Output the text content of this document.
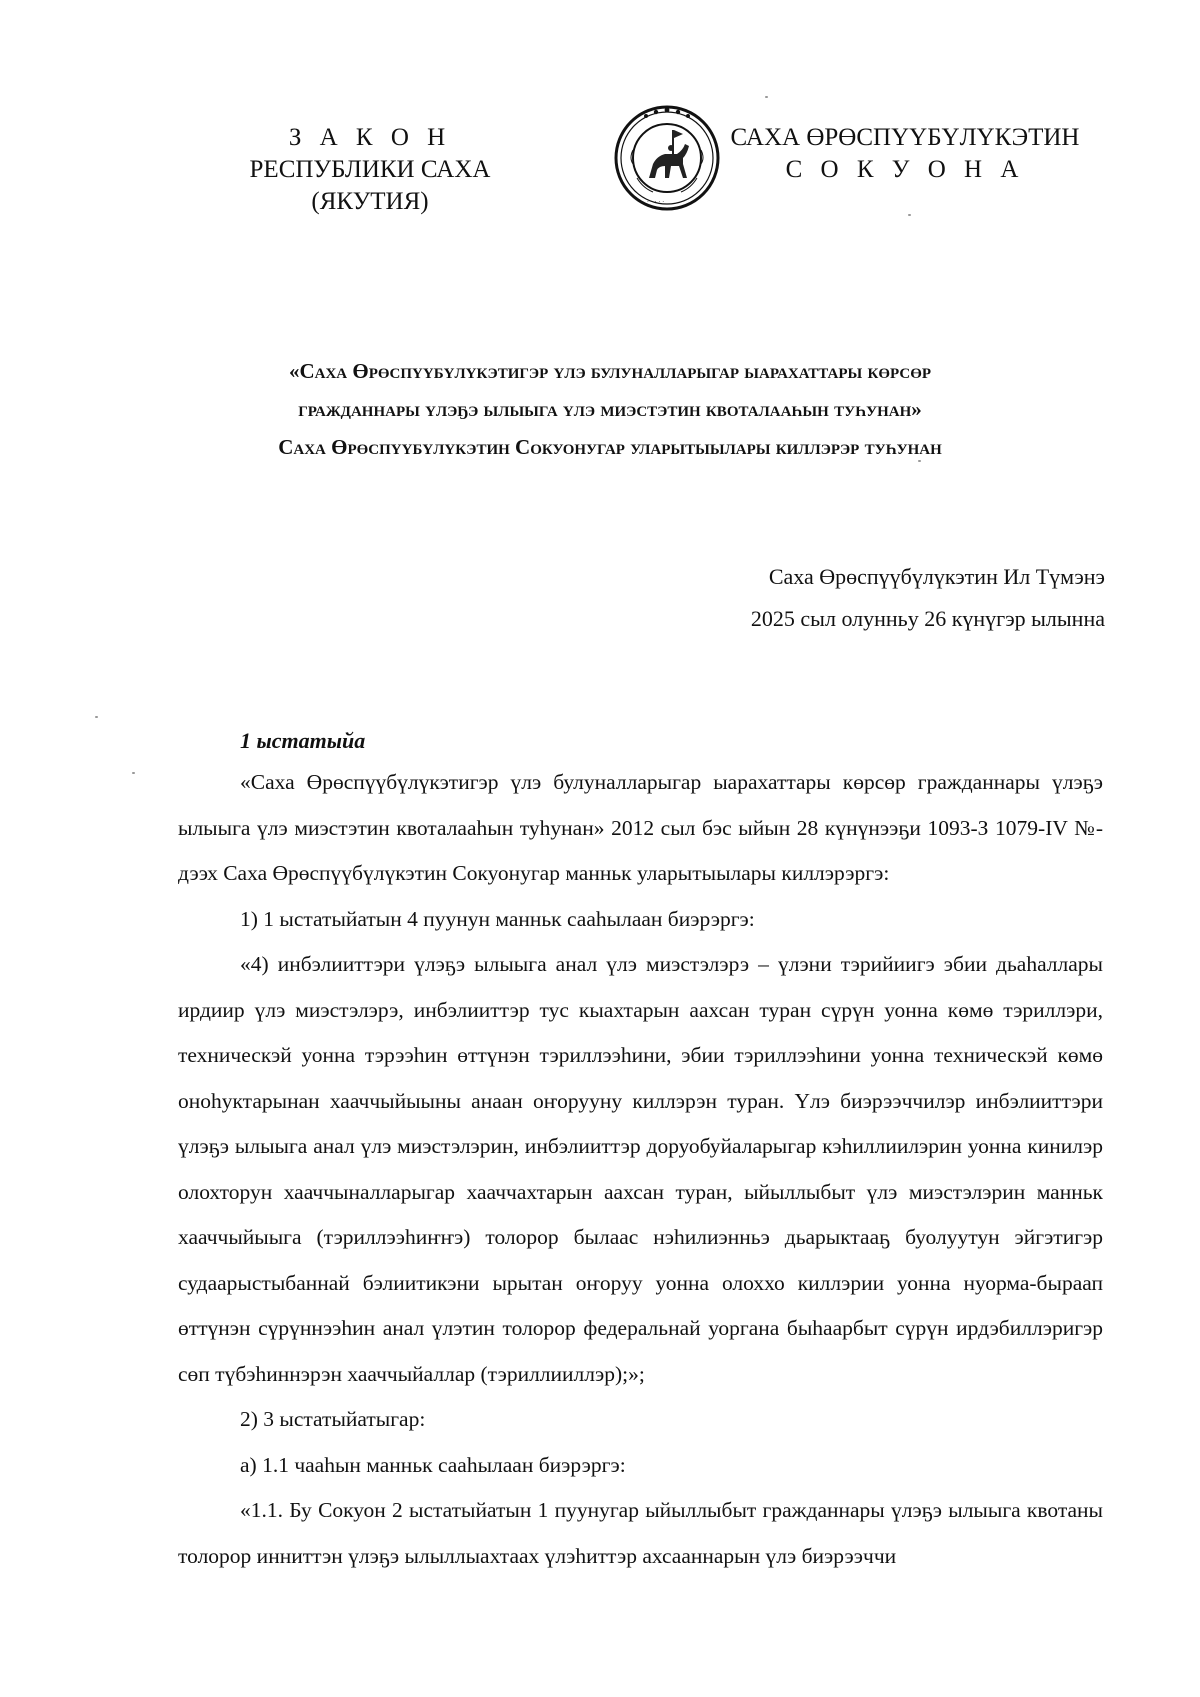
З А К О Н
РЕСПУБЛИКИ САХА (ЯКУТИЯ)	· · · · ·
САХА ӨРӨСПҮҮБҮЛҮКЭТИН
С О К У О Н А
«Саха Өрөспүүбүлүкэтигэр үлэ булуналларыгар ыарахаттары көрсөр
гражданнары үлэҕэ ылыыга үлэ миэстэтин квоталааһын туһунан»
Саха Өрөспүүбүлүкэтин Сокуонугар уларытыылары киллэрэр туһунан
Саха Өрөспүүбүлүкэтин Ил Түмэнэ
2025 сыл олунньу 26 күнүгэр ылынна
1 ыстатыйа

«Саха Өрөспүүбүлүкэтигэр үлэ булуналларыгар ыарахаттары көрсөр гражданнары үлэҕэ ылыыга үлэ миэстэтин квоталааһын туһунан» 2012 сыл бэс ыйын 28 күнүнээҕи 1093-З 1079-IV №-дээх Саха Өрөспүүбүлүкэтин Сокуонугар манньк уларытыылары киллэрэргэ:

1) 1 ыстатыйатын 4 пуунун манньк сааһылаан биэрэргэ:

«4) инбэлииттэри үлэҕэ ылыыга анал үлэ миэстэлэрэ – үлэни тэрийиигэ эбии дьаһаллары ирдиир үлэ миэстэлэрэ, инбэлииттэр тус кыахтарын аахсан туран сүрүн уонна көмө тэриллэри, техническэй уонна тэрээһин өттүнэн тэриллээһини, эбии тэриллээһини уонна техническэй көмө оноһуктарынан хааччыйыыны анаан оҥорууну киллэрэн туран. Үлэ биэрээччилэр инбэлииттэри үлэҕэ ылыыга анал үлэ миэстэлэрин, инбэлииттэр доруобуйаларыгар кэһиллиилэрин уонна кинилэр олохторун хааччыналларыгар хааччахтарын аахсан туран, ыйыллыбыт үлэ миэстэлэрин манньк хааччыйыыга (тэриллээһиҥҥэ) толорор былаас нэһилиэнньэ дьарыктааҕ буолуутун эйгэтигэр судаарыстыбаннай бэлиитикэни ырытан оҥоруу уонна олоххо киллэрии уонна нуорма-быраап өттүнэн сүрүннээһин анал үлэтин толорор федеральнай уоргана быһаарбыт сүрүн ирдэбиллэригэр сөп түбэһиннэрэн хааччыйаллар (тэриллииллэр);»;

2) 3 ыстатыйатыгар:

а) 1.1 чааһын манньк сааһылаан биэрэргэ:

«1.1. Бу Сокуон 2 ыстатыйатын 1 пуунугар ыйыллыбыт гражданнары үлэҕэ ылыыга квотаны толорор инниттэн үлэҕэ ылыллыахтаах үлэһиттэр ахсааннарын үлэ биэрээччи
